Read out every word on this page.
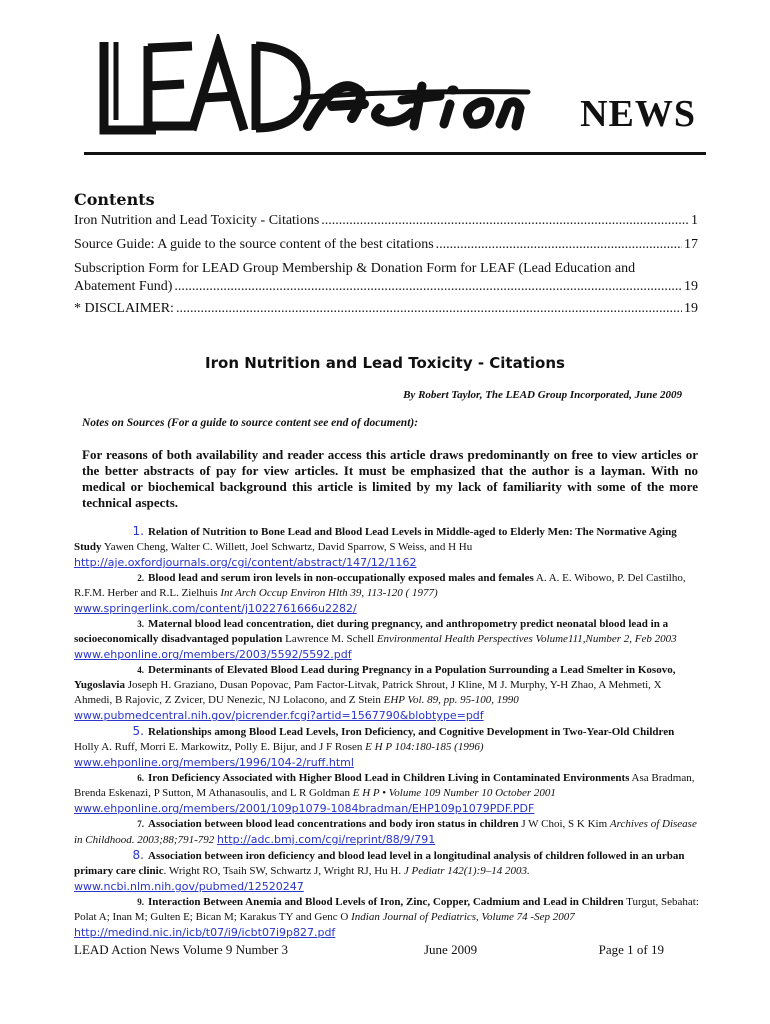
NEWS
Contents
Iron Nutrition and Lead Toxicity - Citations .....	1
Source Guide: A guide to the source content of the best citations .....	17
Subscription Form for LEAD Group Membership & Donation Form for LEAF (Lead Education and
Abatement Fund) .....	19
* DISCLAIMER: .....	19
Iron Nutrition and Lead Toxicity - Citations
By Robert Taylor, The LEAD Group Incorporated, June 2009
Notes on Sources (For a guide to source content see end of document):
For reasons of both availability and reader access this article draws predominantly on free to view articles or the better abstracts of pay for view articles. It must be emphasized that the author is a layman. With no medical or biochemical background this article is limited by my lack of familiarity with some of the more technical aspects.
1. Relation of Nutrition to Bone Lead and Blood Lead Levels in Middle-aged to Elderly Men: The Normative Aging Study Yawen Cheng, Walter C. Willett, Joel Schwartz, David Sparrow, S Weiss, and H Hu http://aje.oxfordjournals.org/cgi/content/abstract/147/12/1162
2. Blood lead and serum iron levels in non-occupationally exposed males and females A. A. E. Wibowo, P. Del Castilho, R.F.M. Herber and R.L. Zielhuis Int Arch Occup Environ Hlth 39, 113-120 ( 1977) www.springerlink.com/content/j1022761666u2282/
3. Maternal blood lead concentration, diet during pregnancy, and anthropometry predict neonatal blood lead in a socioeconomically disadvantaged population Lawrence M. Schell Environmental Health Perspectives Volume111,Number 2, Feb 2003 www.ehponline.org/members/2003/5592/5592.pdf
4. Determinants of Elevated Blood Lead during Pregnancy in a Population Surrounding a Lead Smelter in Kosovo, Yugoslavia Joseph H. Graziano, Dusan Popovac, Pam Factor-Litvak, Patrick Shrout, J Kline, M J. Murphy, Y-H Zhao, A Mehmeti, X Ahmedi, B Rajovic, Z Zvicer, DU Nenezic, NJ Lolacono, and Z Stein EHP Vol. 89, pp. 95-100, 1990 www.pubmedcentral.nih.gov/picrender.fcgi?artid=1567790&blobtype=pdf
5. Relationships among Blood Lead Levels, Iron Deficiency, and Cognitive Development in Two-Year-Old Children Holly A. Ruff, Morri E. Markowitz, Polly E. Bijur, and J F Rosen E H P 104:180-185 (1996) www.ehponline.org/members/1996/104-2/ruff.html
6. Iron Deficiency Associated with Higher Blood Lead in Children Living in Contaminated Environments Asa Bradman, Brenda Eskenazi, P Sutton, M Athanasoulis, and L R Goldman E H P • Volume 109 Number 10 October 2001 www.ehponline.org/members/2001/109p1079-1084bradman/EHP109p1079PDF.PDF
7. Association between blood lead concentrations and body iron status in children J W Choi, S K Kim Archives of Disease in Childhood. 2003;88;791-792 http://adc.bmj.com/cgi/reprint/88/9/791
8. Association between iron deficiency and blood lead level in a longitudinal analysis of children followed in an urban primary care clinic. Wright RO, Tsaih SW, Schwartz J, Wright RJ, Hu H. J Pediatr 142(1):9–14 2003. www.ncbi.nlm.nih.gov/pubmed/12520247
9. Interaction Between Anemia and Blood Levels of Iron, Zinc, Copper, Cadmium and Lead in Children Turgut, Sebahat: Polat A; Inan M; Gulten E; Bican M; Karakus TY and Genc O Indian Journal of Pediatrics, Volume 74 -Sep 2007 http://medind.nic.in/icb/t07/i9/icbt07i9p827.pdf
LEAD Action News Volume 9 Number 3	June 2009	Page 1 of 19
